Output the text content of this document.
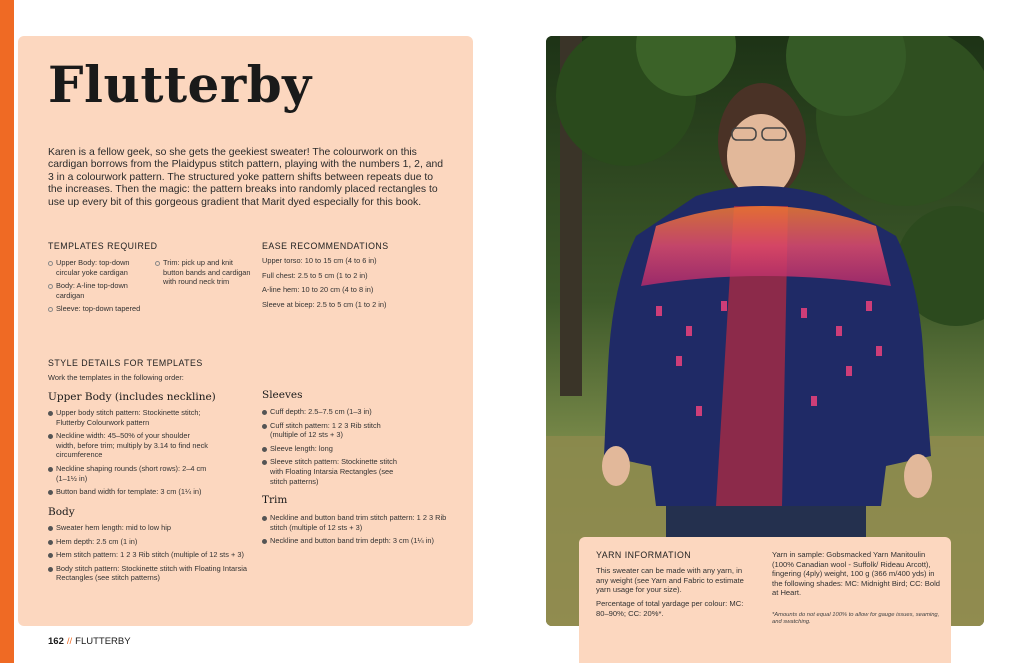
Flutterby

Karen is a fellow geek, so she gets the geekiest sweater! The colourwork on this cardigan borrows from the Plaidypus stitch pattern, playing with the numbers 1, 2, and 3 in a colourwork pattern. The structured yoke pattern shifts between repeats due to the increases. Then the magic: the pattern breaks into randomly placed rectangles to use up every bit of this gorgeous gradient that Marit dyed especially for this book.

TEMPLATES REQUIRED
Upper Body: top-down circular yoke cardigan
Body: A-line top-down cardigan
Sleeve: top-down tapered
Trim: pick up and knit button bands and cardigan with round neck trim
EASE RECOMMENDATIONS
Upper torso: 10 to 15 cm (4 to 6 in)
Full chest: 2.5 to 5 cm (1 to 2 in)
A-line hem: 10 to 20 cm (4 to 8 in)
Sleeve at bicep: 2.5 to 5 cm (1 to 2 in)
STYLE DETAILS FOR TEMPLATES
Work the templates in the following order:
Upper Body (includes neckline)
Upper body stitch pattern: Stockinette stitch; Flutterby Colourwork pattern
Neckline width: 45–50% of your shoulder width, before trim; multiply by 3.14 to find neck circumference
Neckline shaping rounds (short rows): 2–4 cm (1–1½ in)
Button band width for template: 3 cm (1¼ in)
Body
Sweater hem length: mid to low hip
Hem depth: 2.5 cm (1 in)
Hem stitch pattern: 1 2 3 Rib stitch (multiple of 12 sts + 3)
Body stitch pattern: Stockinette stitch with Floating Intarsia Rectangles (see stitch patterns)
Sleeves
Cuff depth: 2.5–7.5 cm (1–3 in)
Cuff stitch pattern: 1 2 3 Rib stitch (multiple of 12 sts + 3)
Sleeve length: long
Sleeve stitch pattern: Stockinette stitch with Floating Intarsia Rectangles (see stitch patterns)
Trim
Neckline and button band trim stitch pattern: 1 2 3 Rib stitch (multiple of 12 sts + 3)
Neckline and button band trim depth: 3 cm (1¼ in)
162 // FLUTTERBY
YARN INFORMATION

This sweater can be made with any yarn, in any weight (see Yarn and Fabric to estimate yarn usage for your size).

Percentage of total yardage per colour: MC: 80–90%; CC: 20%*.

Yarn in sample: Gobsmacked Yarn Manitoulin (100% Canadian wool - Suffolk/ Rideau Arcott), fingering (4ply) weight, 100 g (366 m/400 yds) in the following shades: MC: Midnight Bird; CC: Bold at Heart.

*Amounts do not equal 100% to allow for gauge issues, seaming, and swatching.
